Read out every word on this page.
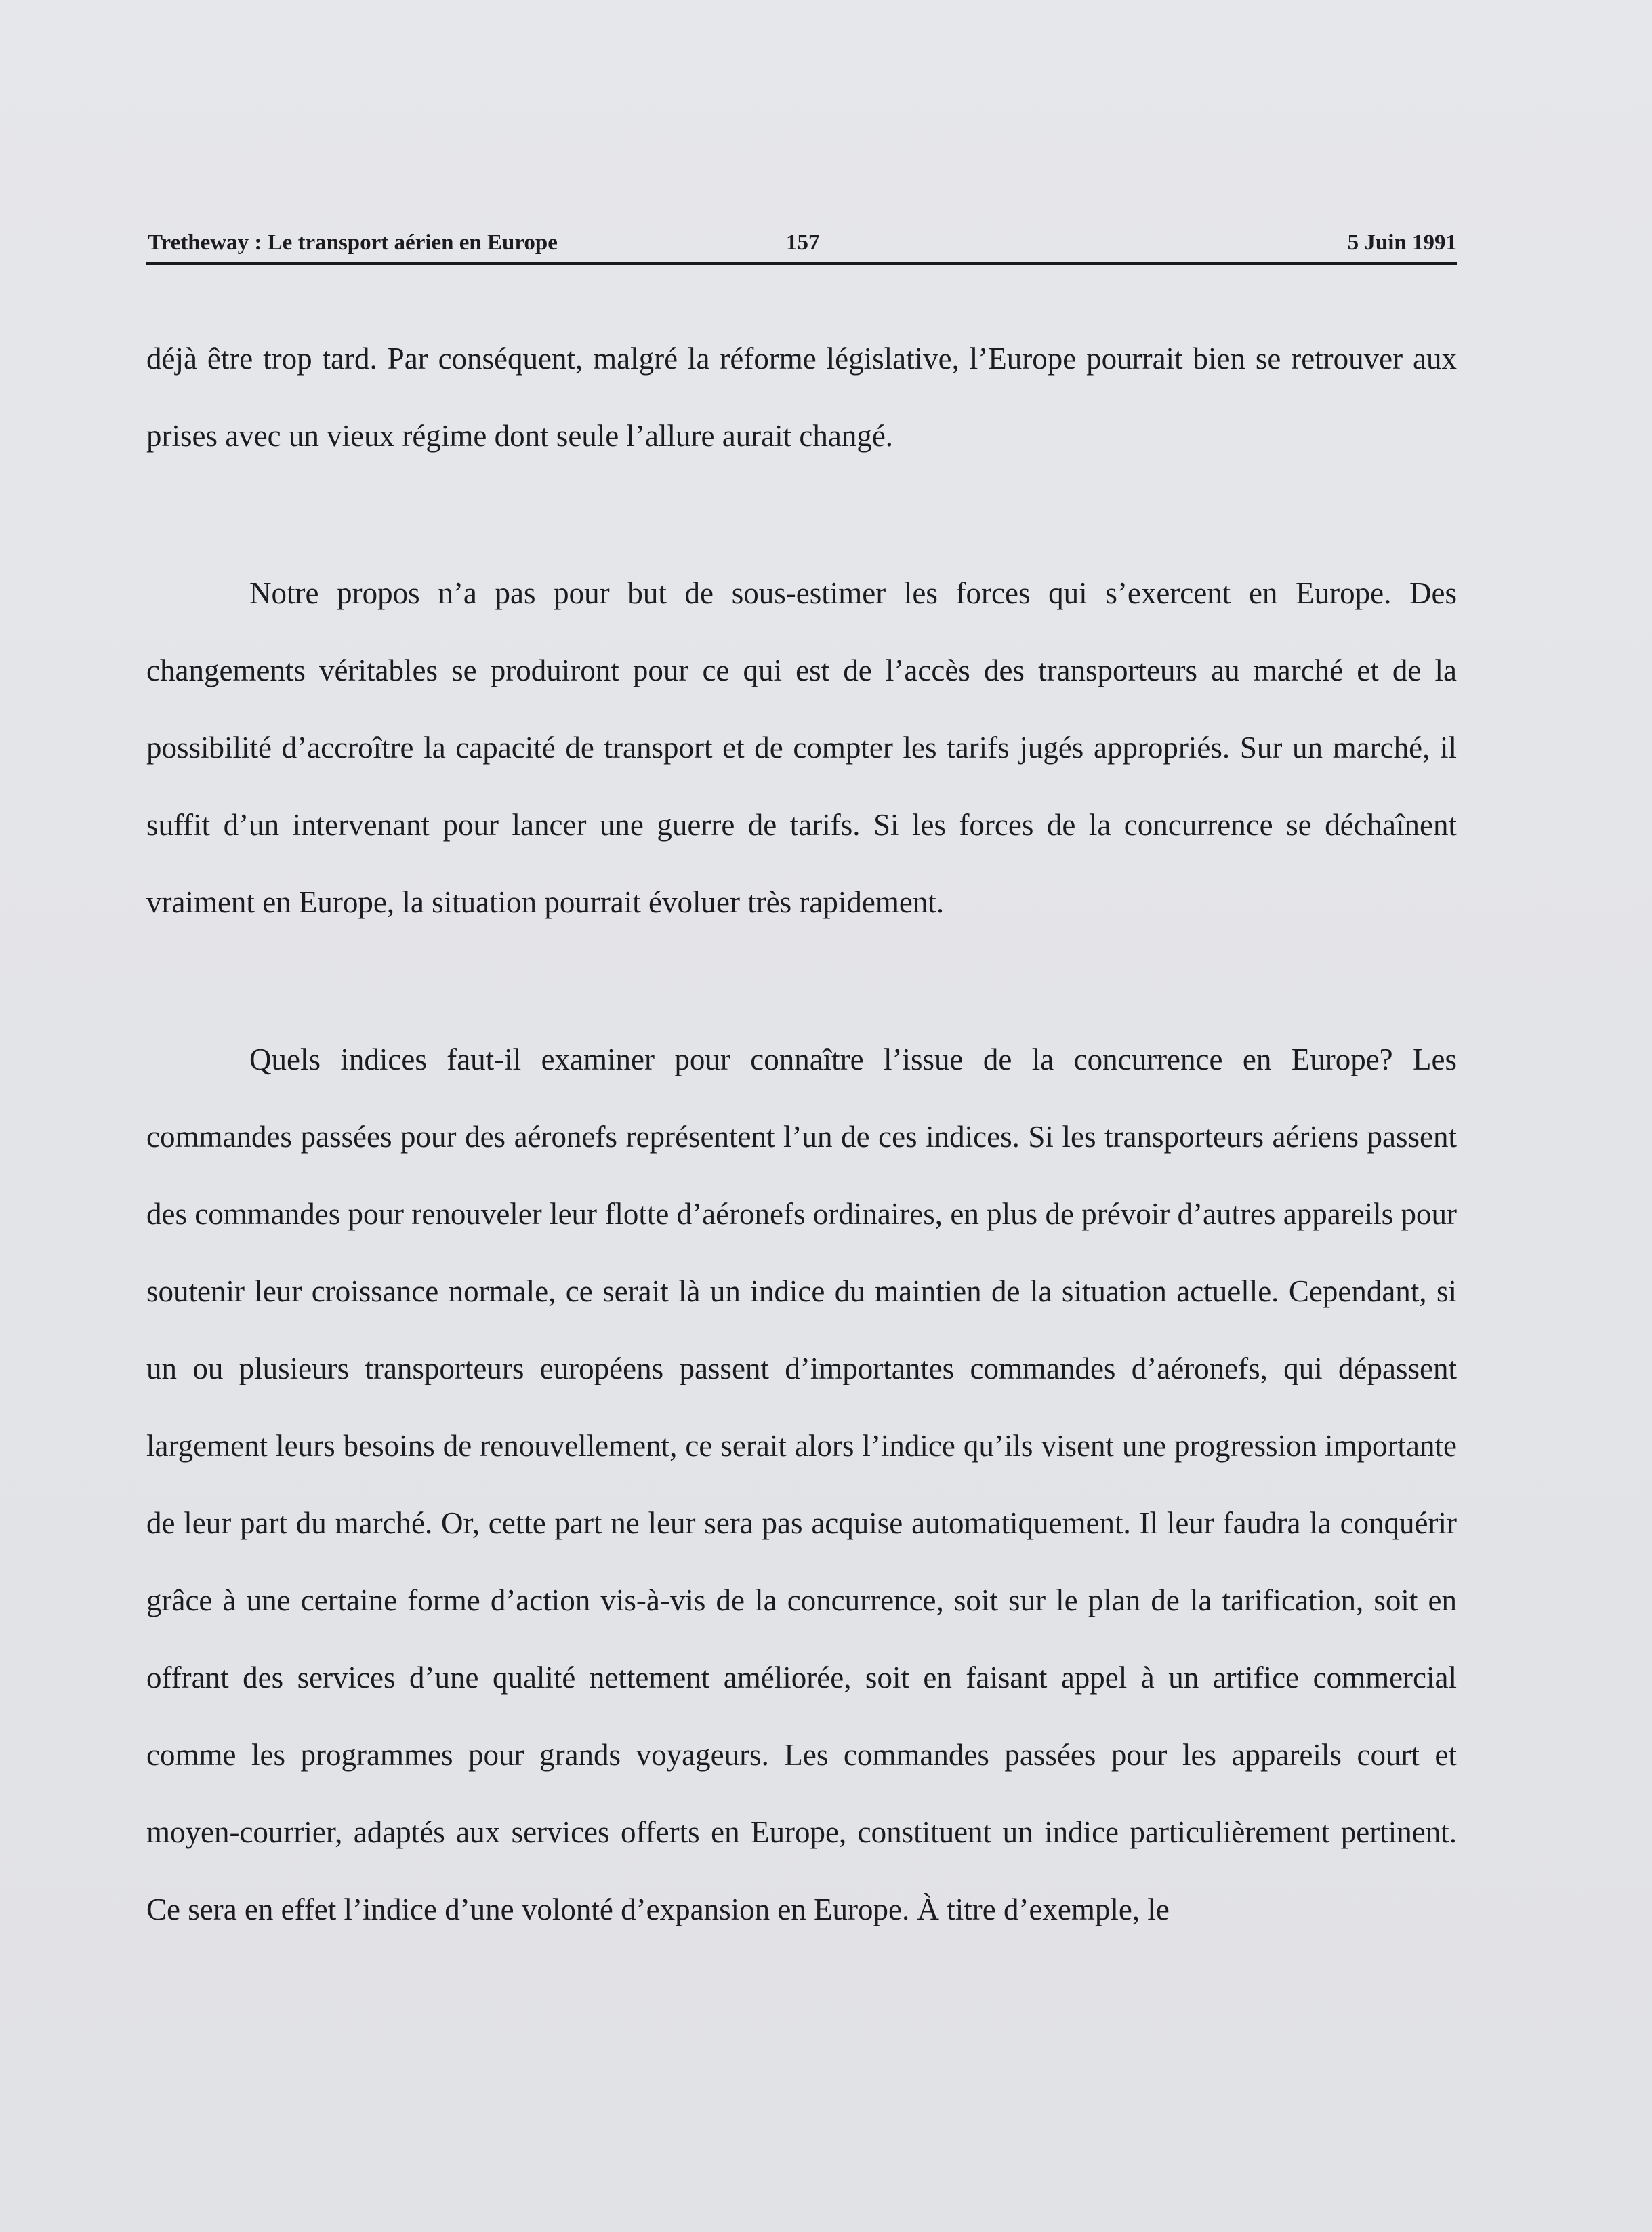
Tretheway : Le transport aérien en Europe	157	5 Juin 1991

déjà être trop tard. Par conséquent, malgré la réforme législative, l’Europe pourrait bien se retrouver aux prises avec un vieux régime dont seule l’allure aurait changé.

Notre propos n’a pas pour but de sous-estimer les forces qui s’exercent en Europe. Des changements véritables se produiront pour ce qui est de l’accès des transporteurs au marché et de la possibilité d’accroître la capacité de transport et de compter les tarifs jugés appropriés. Sur un marché, il suffit d’un intervenant pour lancer une guerre de tarifs. Si les forces de la concurrence se déchaînent vraiment en Europe, la situation pourrait évoluer très rapidement.

Quels indices faut-il examiner pour connaître l’issue de la concurrence en Europe? Les commandes passées pour des aéronefs représentent l’un de ces indices. Si les transporteurs aériens passent des commandes pour renouveler leur flotte d’aéronefs ordinaires, en plus de prévoir d’autres appareils pour soutenir leur croissance normale, ce serait là un indice du maintien de la situation actuelle. Cependant, si un ou plusieurs transporteurs européens passent d’importantes commandes d’aéronefs, qui dépassent largement leurs besoins de renouvellement, ce serait alors l’indice qu’ils visent une progression importante de leur part du marché. Or, cette part ne leur sera pas acquise automatiquement. Il leur faudra la conquérir grâce à une certaine forme d’action vis-à-vis de la concurrence, soit sur le plan de la tarification, soit en offrant des services d’une qualité nettement améliorée, soit en faisant appel à un artifice commercial comme les programmes pour grands voyageurs. Les commandes passées pour les appareils court et moyen-courrier, adaptés aux services offerts en Europe, constituent un indice particulièrement pertinent. Ce sera en effet l’indice d’une volonté d’expansion en Europe. À titre d’exemple, le
